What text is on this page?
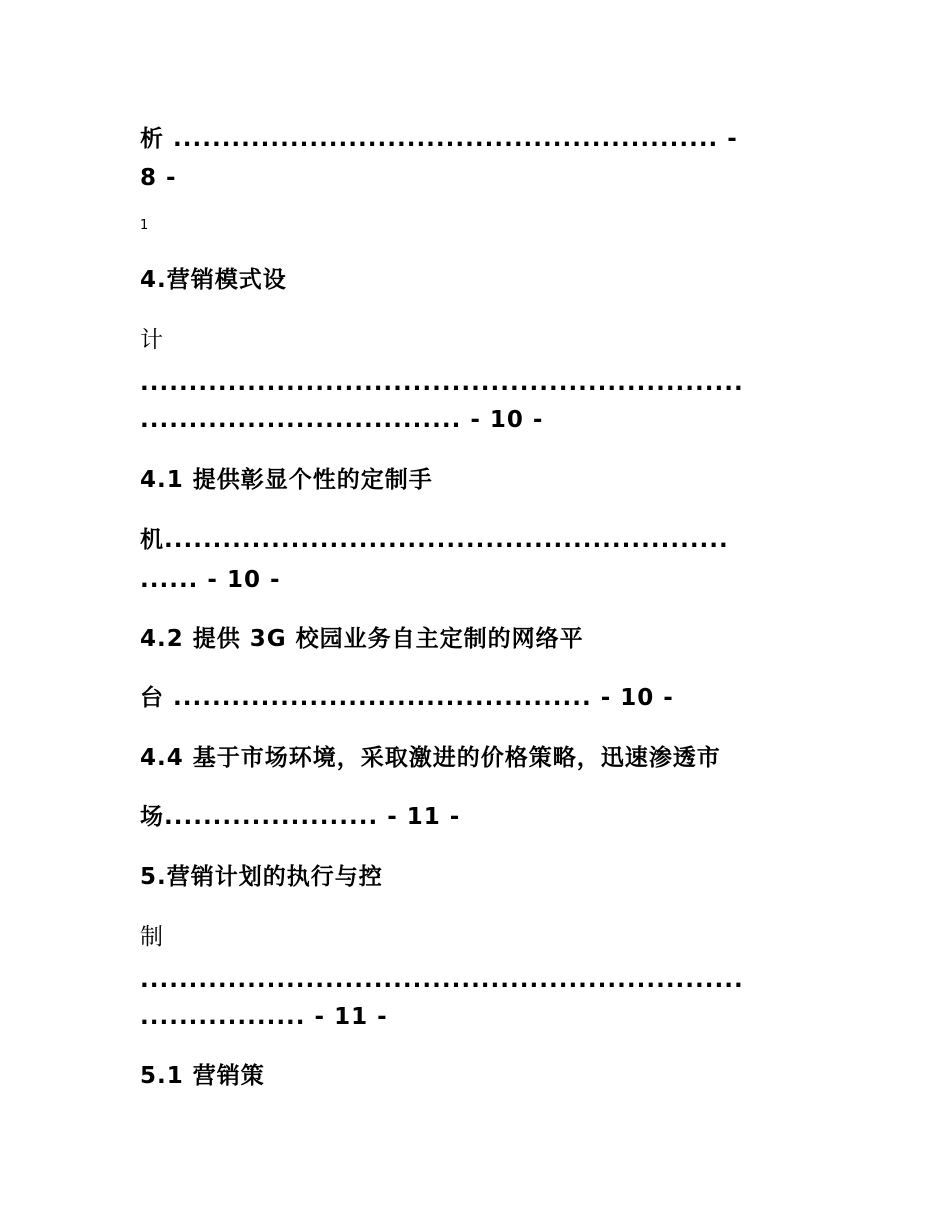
析 ........................................................ -
8 -
1
4.营销模式设
计
..............................................................
................................. - 10 -
4.1 提供彰显个性的定制手
机..........................................................
...... - 10 -
4.2 提供 3G 校园业务自主定制的网络平
台 ........................................... - 10 -
4.4 基于市场环境，采取激进的价格策略，迅速渗透市
场...................... - 11 -
5.营销计划的执行与控
制
..............................................................
................. - 11 -
5.1 营销策
